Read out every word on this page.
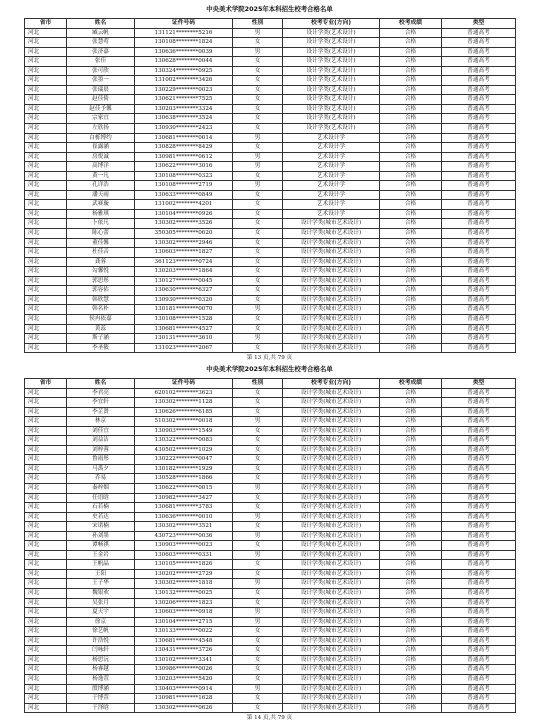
中央美术学院2025年本科招生校考合格名单
省市	姓名	证件号码	性别	校考专业(方向)	校考成绩	类型
河北	臧云帆	131121********5216	男	设计学类(艺术设计)	合格	普通高考
河北	张慧莺	130108********1824	女	设计学类(艺术设计)	合格	普通高考
河北	张济嘉	130636********0039	男	设计学类(艺术设计)	合格	普通高考
河北	张佳	130628********0044	女	设计学类(艺术设计)	合格	普通高考
河北	张可欣	130324********0925	女	设计学类(艺术设计)	合格	普通高考
河北	张墨一	131002********3426	女	设计学类(艺术设计)	合格	普通高考
河北	张瑞晨	130229********0023	女	设计学类(艺术设计)	合格	普通高考
河北	赵佳倚	130621********7525	女	设计学类(艺术设计)	合格	普通高考
河北	赵佳予馨	130203********3324	女	设计学类(艺术设计)	合格	普通高考
河北	宗家宜	130638********3524	女	设计学类(艺术设计)	合格	普通高考
河北	左欣扬	130930********2423	女	设计学类(艺术设计)	合格	普通高考
河北	白栎博约	130681********0014	男	艺术设计学	合格	普通高考
河北	崔露涵	130828********8429	女	艺术设计学	合格	普通高考
河北	房悦诚	130981********0612	男	艺术设计学	合格	普通高考
河北	高博洋	130622********3016	男	艺术设计学	合格	普通高考
河北	黄一凡	130108********0323	女	艺术设计学	合格	普通高考
河北	孔详浩	130108********2719	男	艺术设计学	合格	普通高考
河北	潘天雨	130633********0849	女	艺术设计学	合格	普通高考
河北	武赛璇	131002********4201	女	艺术设计学	合格	普通高考
河北	杨雅琪	130104********0926	女	艺术设计学	合格	普通高考
河北	卜依凡	130302********3526	女	设计学类(城市艺术设计)	合格	普通高考
河北	陈心蕾	350305********0620	女	设计学类(城市艺术设计)	合格	普通高考
河北	董佳馨	130302********2946	女	设计学类(城市艺术设计)	合格	普通高考
河北	杜佳音	130603********1827	女	设计学类(城市艺术设计)	合格	普通高考
河北	龚蓉	361123********0724	女	设计学类(城市艺术设计)	合格	普通高考
河北	勾馨悦	130203********1864	女	设计学类(城市艺术设计)	合格	普通高考
河北	郭思彤	130127********0045	女	设计学类(城市艺术设计)	合格	普通高考
河北	郭容佑	130630********6327	女	设计学类(城市艺术设计)	合格	普通高考
河北	韩欣慧	130930********0320	女	设计学类(城市艺术设计)	合格	普通高考
河北	韩名朴	130181********0070	男	设计学类(城市艺术设计)	合格	普通高考
河北	侯冉依嘉	130108********1528	女	设计学类(城市艺术设计)	合格	普通高考
河北	黄蕊	130681********4527	女	设计学类(城市艺术设计)	合格	普通高考
河北	斯子涵	130131********3610	男	设计学类(城市艺术设计)	合格	普通高考
河北	李圣筱	131023********2067	女	设计学类(城市艺术设计)	合格	普通高考
第 13 页,共 79 页
中央美术学院2025年本科招生校考合格名单
省市	姓名	证件号码	性别	校考专业(方向)	校考成绩	类型
河北	李君亮	620102********3623	女	设计学类(城市艺术设计)	合格	普通高考
河北	李宜轩	130302********1128	女	设计学类(城市艺术设计)	合格	普通高考
河北	李芷贤	130626********6185	女	设计学类(城市艺术设计)	合格	普通高考
河北	林京	510302********0018	男	设计学类(城市艺术设计)	合格	普通高考
河北	刘佳宜	130903********1549	女	设计学类(城市艺术设计)	合格	普通高考
河北	刘益洁	130322********0083	女	设计学类(城市艺术设计)	合格	普通高考
河北	刘梓蓉	430502********1029	女	设计学类(城市艺术设计)	合格	普通高考
河北	鲁雨彤	130222********0047	女	设计学类(城市艺术设计)	合格	普通高考
河北	马禹夕	130182********1929	女	设计学类(城市艺术设计)	合格	普通高考
河北	乔易	130528********1866	女	设计学类(城市艺术设计)	合格	普通高考
河北	秦梓烟	130622********0015	男	设计学类(城市艺术设计)	合格	普通高考
河北	任语晗	130982********3427	女	设计学类(城市艺术设计)	合格	普通高考
河北	石若楠	130681********3783	女	设计学类(城市艺术设计)	合格	普通高考
河北	史若达	130636********0010	男	设计学类(城市艺术设计)	合格	普通高考
河北	宋诺楠	130302********3521	女	设计学类(城市艺术设计)	合格	普通高考
河北	孙刘墨	430723********0036	男	设计学类(城市艺术设计)	合格	普通高考
河北	谭畅祺	130903********0023	女	设计学类(城市艺术设计)	合格	普通高考
河北	王金岩	130603********0331	男	设计学类(城市艺术设计)	合格	普通高考
河北	王帆晶	130105********1826	女	设计学类(城市艺术设计)	合格	普通高考
河北	王阳	130202********2729	女	设计学类(城市艺术设计)	合格	普通高考
河北	王子华	130302********1818	男	设计学类(城市艺术设计)	合格	普通高考
河北	魏银欢	130132********0025	女	设计学类(城市艺术设计)	合格	普通高考
河北	吴张月	130206********1823	女	设计学类(城市艺术设计)	合格	普通高考
河北	夏天宇	130603********0918	男	设计学类(城市艺术设计)	合格	普通高考
河北	徐京	130104********2715	男	设计学类(城市艺术设计)	合格	普通高考
河北	徐艺帆	130133********0022	女	设计学类(城市艺术设计)	合格	普通高考
河北	许浩悦	130681********4548	女	设计学类(城市艺术设计)	合格	普通高考
河北	闫咏轩	130431********3726	女	设计学类(城市艺术设计)	合格	普通高考
河北	杨思沅	130102********3341	女	设计学类(城市艺术设计)	合格	普通高考
河北	杨睿越	130986********0026	女	设计学类(城市艺术设计)	合格	普通高考
河北	杨逸萱	130203********5420	女	设计学类(城市艺术设计)	合格	普通高考
河北	殷博涵	130403********0914	男	设计学类(城市艺术设计)	合格	普通高考
河北	于博萱	130981********1628	女	设计学类(城市艺术设计)	合格	普通高考
河北	于泽晗	130302********0626	女	设计学类(城市艺术设计)	合格	普通高考
第 14 页,共 79 页
